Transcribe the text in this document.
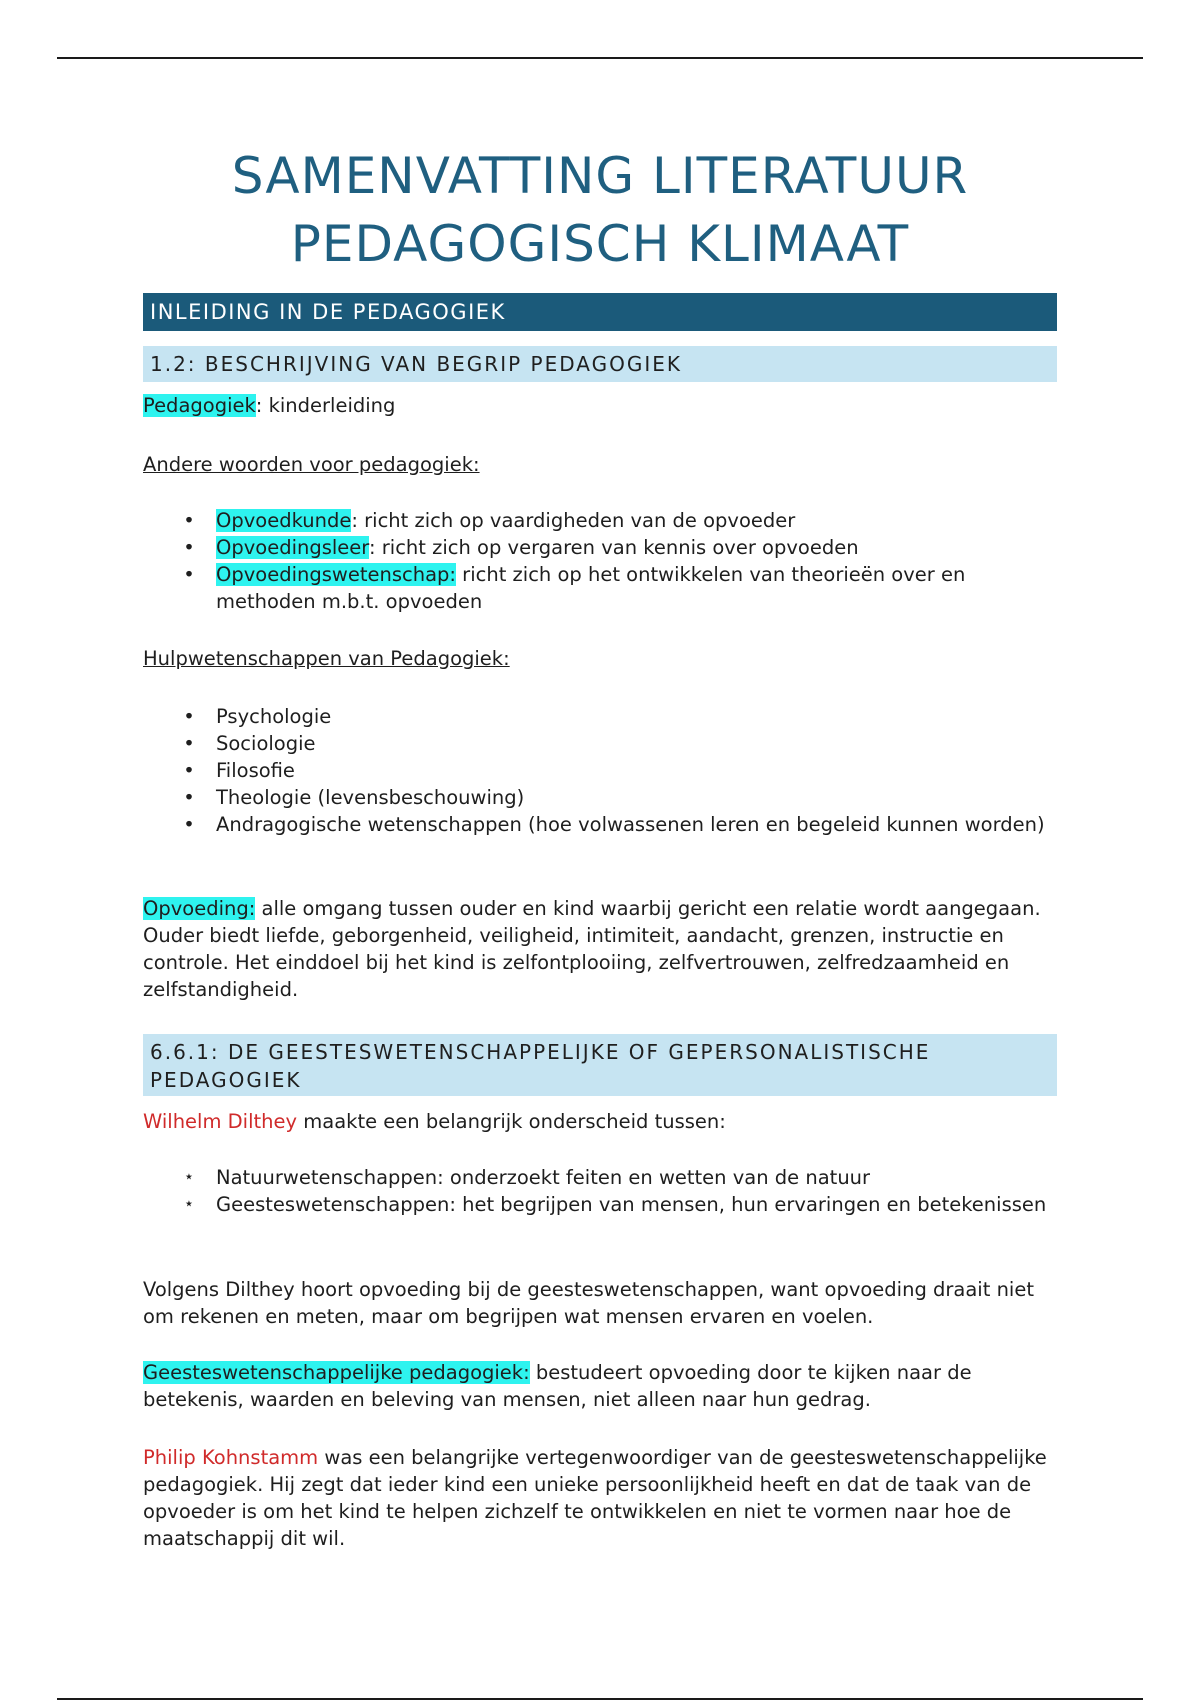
SAMENVATTING LITERATUUR
PEDAGOGISCH KLIMAAT
INLEIDING IN DE PEDAGOGIEK
1.2: BESCHRIJVING VAN BEGRIP PEDAGOGIEK
Pedagogiek: kinderleiding
Andere woorden voor pedagogiek:
• Opvoedkunde: richt zich op vaardigheden van de opvoeder
• Opvoedingsleer: richt zich op vergaren van kennis over opvoeden
• Opvoedingswetenschap: richt zich op het ontwikkelen van theorieën over en methoden m.b.t. opvoeden
Hulpwetenschappen van Pedagogiek:
• Psychologie
• Sociologie
• Filosofie
• Theologie (levensbeschouwing)
• Andragogische wetenschappen (hoe volwassenen leren en begeleid kunnen worden)
Opvoeding: alle omgang tussen ouder en kind waarbij gericht een relatie wordt aangegaan. Ouder biedt liefde, geborgenheid, veiligheid, intimiteit, aandacht, grenzen, instructie en controle. Het einddoel bij het kind is zelfontplooiing, zelfvertrouwen, zelfredzaamheid en zelfstandigheid.
6.6.1: DE GEESTESWETENSCHAPPELIJKE OF GEPERSONALISTISCHE
PEDAGOGIEK
Wilhelm Dilthey maakte een belangrijk onderscheid tussen:
⋆ Natuurwetenschappen: onderzoekt feiten en wetten van de natuur
⋆ Geesteswetenschappen: het begrijpen van mensen, hun ervaringen en betekenissen
Volgens Dilthey hoort opvoeding bij de geesteswetenschappen, want opvoeding draait niet om rekenen en meten, maar om begrijpen wat mensen ervaren en voelen.
Geesteswetenschappelijke pedagogiek: bestudeert opvoeding door te kijken naar de betekenis, waarden en beleving van mensen, niet alleen naar hun gedrag.
Philip Kohnstamm was een belangrijke vertegenwoordiger van de geesteswetenschappelijke pedagogiek. Hij zegt dat ieder kind een unieke persoonlijkheid heeft en dat de taak van de opvoeder is om het kind te helpen zichzelf te ontwikkelen en niet te vormen naar hoe de maatschappij dit wil.
